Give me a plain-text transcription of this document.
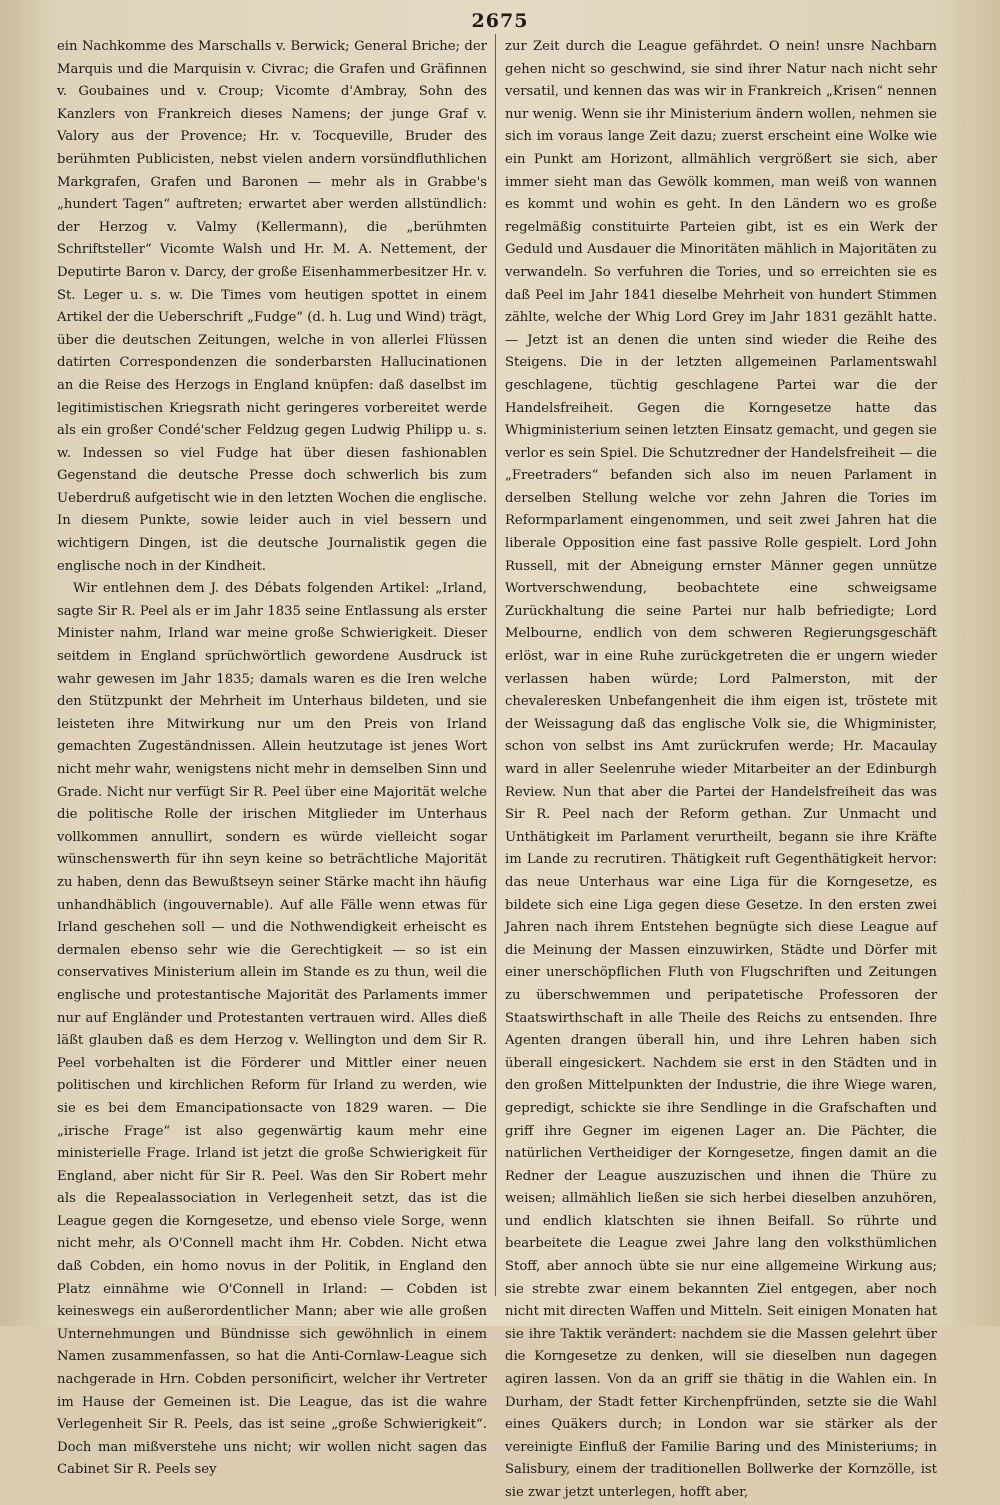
2675

ein Nachkomme des Marschalls v. Berwick; General Briche; der Marquis und die Marquisin v. Civrac; die Grafen und Gräfinnen v. Goubaines und v. Croup; Vicomte d'Ambray, Sohn des Kanzlers von Frankreich dieses Namens; der junge Graf v. Valory aus der Provence; Hr. v. Tocqueville, Bruder des berühmten Publicisten, nebst vielen andern vorsündfluthlichen Markgrafen, Grafen und Baronen — mehr als in Grabbe's „hundert Tagen“ auftreten; erwartet aber werden allstündlich: der Herzog v. Valmy (Kellermann), die „berühmten Schriftsteller“ Vicomte Walsh und Hr. M. A. Nettement, der Deputirte Baron v. Darcy, der große Eisenhammerbesitzer Hr. v. St. Leger u. s. w. Die Times vom heutigen spottet in einem Artikel der die Ueberschrift „Fudge“ (d. h. Lug und Wind) trägt, über die deutschen Zeitungen, welche in von allerlei Flüssen datirten Correspondenzen die sonderbarsten Hallucinationen an die Reise des Herzogs in England knüpfen: daß daselbst im legitimistischen Kriegsrath nicht geringeres vorbereitet werde als ein großer Condé'scher Feldzug gegen Ludwig Philipp u. s. w. Indessen so viel Fudge hat über diesen fashionablen Gegenstand die deutsche Presse doch schwerlich bis zum Ueberdruß aufgetischt wie in den letzten Wochen die englische. In diesem Punkte, sowie leider auch in viel bessern und wichtigern Dingen, ist die deutsche Journalistik gegen die englische noch in der Kindheit.

Wir entlehnen dem J. des Débats folgenden Artikel: „Irland, sagte Sir R. Peel als er im Jahr 1835 seine Entlassung als erster Minister nahm, Irland war meine große Schwierigkeit. Dieser seitdem in England sprüchwörtlich gewordene Ausdruck ist wahr gewesen im Jahr 1835; damals waren es die Iren welche den Stützpunkt der Mehrheit im Unterhaus bildeten, und sie leisteten ihre Mitwirkung nur um den Preis von Irland gemachten Zugeständnissen. Allein heutzutage ist jenes Wort nicht mehr wahr, wenigstens nicht mehr in demselben Sinn und Grade. Nicht nur verfügt Sir R. Peel über eine Majorität welche die politische Rolle der irischen Mitglieder im Unterhaus vollkommen annullirt, sondern es würde vielleicht sogar wünschenswerth für ihn seyn keine so beträchtliche Majorität zu haben, denn das Bewußtseyn seiner Stärke macht ihn häufig unhandhäblich (ingouvernable). Auf alle Fälle wenn etwas für Irland geschehen soll — und die Nothwendigkeit erheischt es dermalen ebenso sehr wie die Gerechtigkeit — so ist ein conservatives Ministerium allein im Stande es zu thun, weil die englische und protestantische Majorität des Parlaments immer nur auf Engländer und Protestanten vertrauen wird. Alles dieß läßt glauben daß es dem Herzog v. Wellington und dem Sir R. Peel vorbehalten ist die Förderer und Mittler einer neuen politischen und kirchlichen Reform für Irland zu werden, wie sie es bei dem Emancipationsacte von 1829 waren. — Die „irische Frage“ ist also gegenwärtig kaum mehr eine ministerielle Frage. Irland ist jetzt die große Schwierigkeit für England, aber nicht für Sir R. Peel. Was den Sir Robert mehr als die Repealassociation in Verlegenheit setzt, das ist die League gegen die Korngesetze, und ebenso viele Sorge, wenn nicht mehr, als O'Connell macht ihm Hr. Cobden. Nicht etwa daß Cobden, ein homo novus in der Politik, in England den Platz einnähme wie O'Connell in Irland: — Cobden ist keineswegs ein außerordentlicher Mann; aber wie alle großen Unternehmungen und Bündnisse sich gewöhnlich in einem Namen zusammenfassen, so hat die Anti-Cornlaw-League sich nachgerade in Hrn. Cobden personificirt, welcher ihr Vertreter im Hause der Gemeinen ist. Die League, das ist die wahre Verlegenheit Sir R. Peels, das ist seine „große Schwierigkeit“. Doch man mißverstehe uns nicht; wir wollen nicht sagen das Cabinet Sir R. Peels sey

zur Zeit durch die League gefährdet. O nein! unsre Nachbarn gehen nicht so geschwind, sie sind ihrer Natur nach nicht sehr versatil, und kennen das was wir in Frankreich „Krisen“ nennen nur wenig. Wenn sie ihr Ministerium ändern wollen, nehmen sie sich im voraus lange Zeit dazu; zuerst erscheint eine Wolke wie ein Punkt am Horizont, allmählich vergrößert sie sich, aber immer sieht man das Gewölk kommen, man weiß von wannen es kommt und wohin es geht. In den Ländern wo es große regelmäßig constituirte Parteien gibt, ist es ein Werk der Geduld und Ausdauer die Minoritäten mählich in Majoritäten zu verwandeln. So verfuhren die Tories, und so erreichten sie es daß Peel im Jahr 1841 dieselbe Mehrheit von hundert Stimmen zählte, welche der Whig Lord Grey im Jahr 1831 gezählt hatte. — Jetzt ist an denen die unten sind wieder die Reihe des Steigens. Die in der letzten allgemeinen Parlamentswahl geschlagene, tüchtig geschlagene Partei war die der Handelsfreiheit. Gegen die Korngesetze hatte das Whigministerium seinen letzten Einsatz gemacht, und gegen sie verlor es sein Spiel. Die Schutzredner der Handelsfreiheit — die „Freetraders“ befanden sich also im neuen Parlament in derselben Stellung welche vor zehn Jahren die Tories im Reformparlament eingenommen, und seit zwei Jahren hat die liberale Opposition eine fast passive Rolle gespielt. Lord John Russell, mit der Abneigung ernster Männer gegen unnütze Wortverschwendung, beobachtete eine schweigsame Zurückhaltung die seine Partei nur halb befriedigte; Lord Melbourne, endlich von dem schweren Regierungsgeschäft erlöst, war in eine Ruhe zurückgetreten die er ungern wieder verlassen haben würde; Lord Palmerston, mit der chevaleresken Unbefangenheit die ihm eigen ist, tröstete mit der Weissagung daß das englische Volk sie, die Whigminister, schon von selbst ins Amt zurückrufen werde; Hr. Macaulay ward in aller Seelenruhe wieder Mitarbeiter an der Edinburgh Review. Nun that aber die Partei der Handelsfreiheit das was Sir R. Peel nach der Reform gethan. Zur Unmacht und Unthätigkeit im Parlament verurtheilt, begann sie ihre Kräfte im Lande zu recrutiren. Thätigkeit ruft Gegenthätigkeit hervor: das neue Unterhaus war eine Liga für die Korngesetze, es bildete sich eine Liga gegen diese Gesetze. In den ersten zwei Jahren nach ihrem Entstehen begnügte sich diese League auf die Meinung der Massen einzuwirken, Städte und Dörfer mit einer unerschöpflichen Fluth von Flugschriften und Zeitungen zu überschwemmen und peripatetische Professoren der Staatswirthschaft in alle Theile des Reichs zu entsenden. Ihre Agenten drangen überall hin, und ihre Lehren haben sich überall eingesickert. Nachdem sie erst in den Städten und in den großen Mittelpunkten der Industrie, die ihre Wiege waren, gepredigt, schickte sie ihre Sendlinge in die Grafschaften und griff ihre Gegner im eigenen Lager an. Die Pächter, die natürlichen Vertheidiger der Korngesetze, fingen damit an die Redner der League auszuzischen und ihnen die Thüre zu weisen; allmählich ließen sie sich herbei dieselben anzuhören, und endlich klatschten sie ihnen Beifall. So rührte und bearbeitete die League zwei Jahre lang den volksthümlichen Stoff, aber annoch übte sie nur eine allgemeine Wirkung aus; sie strebte zwar einem bekannten Ziel entgegen, aber noch nicht mit directen Waffen und Mitteln. Seit einigen Monaten hat sie ihre Taktik verändert: nachdem sie die Massen gelehrt über die Korngesetze zu denken, will sie dieselben nun dagegen agiren lassen. Von da an griff sie thätig in die Wahlen ein. In Durham, der Stadt fetter Kirchenpfründen, setzte sie die Wahl eines Quäkers durch; in London war sie stärker als der vereinigte Einfluß der Familie Baring und des Ministeriums; in Salisbury, einem der traditionellen Bollwerke der Kornzölle, ist sie zwar jetzt unterlegen, hofft aber,
